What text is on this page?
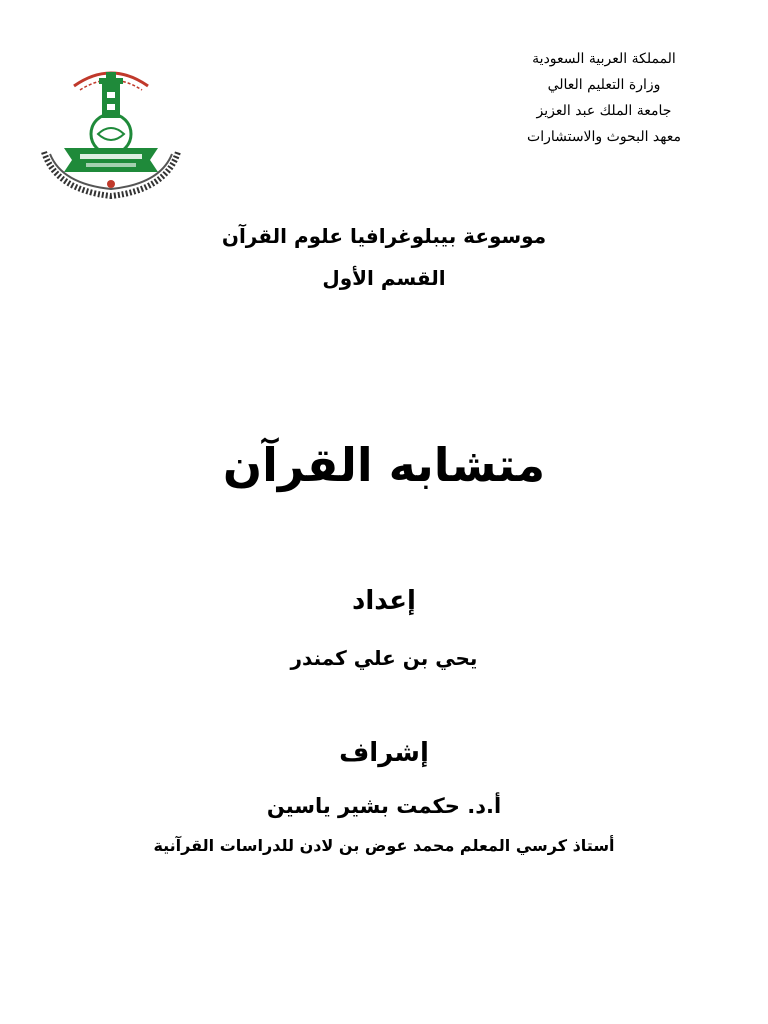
المملكة العربية السعودية
وزارة التعليم العالي
جامعة الملك عبد العزيز
معهد البحوث والاستشارات
موسوعة بيبلوغرافيا علوم القرآن
القسم الأول
متشابه القرآن
إعداد
يحي بن علي كمندر
إشراف
أ.د. حكمت بشير ياسين
أستاذ كرسي المعلم محمد عوض بن لادن للدراسات القرآنية
